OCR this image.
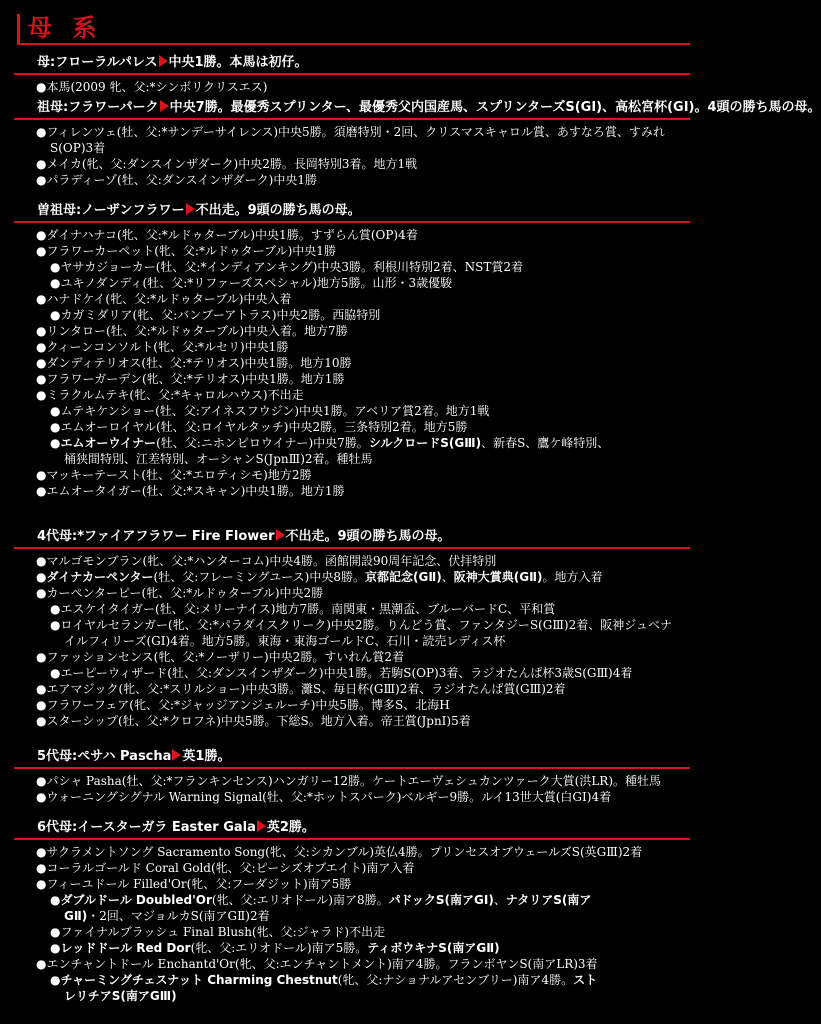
母 系
母:フローラルパレス 中央1勝。本馬は初仔。
●本馬(2009 牝、父:*シンボリクリスエス)
祖母:フラワーパーク 中央7勝。最優秀スプリンター、最優秀父内国産馬、スプリンターズS(GI)、高松宮杯(GI)。4頭の勝ち馬の母。
●フィレンツェ(牡、父:*サンデーサイレンス)中央5勝。須磨特別・2回、クリスマスキャロル賞、あすなろ賞、すみれ
S(OP)3着
●メイカ(牝、父:ダンスインザダーク)中央2勝。長岡特別3着。地方1戦
●パラディーゾ(牡、父:ダンスインザダーク)中央1勝
曽祖母:ノーザンフラワー 不出走。9頭の勝ち馬の母。
●ダイナハナコ(牝、父:*ルドゥターブル)中央1勝。すずらん賞(OP)4着
●フラワーカーペット(牝、父:*ルドゥターブル)中央1勝
●ヤサカジョーカー(牡、父:*インディアンキング)中央3勝。利根川特別2着、NST賞2着
●ユキノダンディ(牡、父:*リファーズスペシャル)地方5勝。山形・3歳優駿
●ハナドケイ(牝、父:*ルドゥターブル)中央入着
●カガミダリア(牝、父:バンブーアトラス)中央2勝。西脇特別
●リンタロー(牡、父:*ルドゥターブル)中央入着。地方7勝
●クィーンコンソルト(牝、父:*ルセリ)中央1勝
●ダンディテリオス(牡、父:*テリオス)中央1勝。地方10勝
●フラワーガーデン(牝、父:*テリオス)中央1勝。地方1勝
●ミラクルムテキ(牝、父:*キャロルハウス)不出走
●ムテキケンショー(牡、父:アイネスフウジン)中央1勝。アベリア賞2着。地方1戦
●エムオーロイヤル(牡、父:ロイヤルタッチ)中央2勝。三条特別2着。地方5勝
●エムオーウイナー(牡、父:ニホンピロウイナー)中央7勝。シルクロードS(GⅢ)、新春S、鷹ケ峰特別、
桶狭間特別、江差特別、オーシャンS(JpnⅢ)2着。種牡馬
●マッキーテースト(牡、父:*エロティシモ)地方2勝
●エムオータイガー(牡、父:*スキャン)中央1勝。地方1勝
4代母:*ファイアフラワー Fire Flower 不出走。9頭の勝ち馬の母。
●マルゴモンブラン(牝、父:*ハンターコム)中央4勝。函館開設90周年記念、伏拝特別
●ダイナカーペンター(牡、父:フレーミングユース)中央8勝。京都記念(GⅡ)、阪神大賞典(GⅡ)。地方入着
●カーペンターピー(牝、父:*ルドゥターブル)中央2勝
●エスケイタイガー(牡、父:メリーナイス)地方7勝。南関東・黒潮盃、ブルーバードC、平和賞
●ロイヤルセランガー(牝、父:*パラダイスクリーク)中央2勝。りんどう賞、ファンタジーS(GⅢ)2着、阪神ジュベナ
イルフィリーズ(GI)4着。地方5勝。東海・東海ゴールドC、石川・読売レディス杯
●ファッションセンス(牝、父:*ノーザリー)中央2勝。すいれん賞2着
●エーピーウィザード(牡、父:ダンスインザダーク)中央1勝。若駒S(OP)3着、ラジオたんぱ杯3歳S(GⅢ)4着
●エアマジック(牝、父:*スリルショー)中央3勝。灘S、毎日杯(GⅢ)2着、ラジオたんぱ賞(GⅢ)2着
●フラワーフェア(牝、父:*ジャッジアンジェルーチ)中央5勝。博多S、北海H
●スターシップ(牡、父:*クロフネ)中央5勝。下総S。地方入着。帝王賞(JpnI)5着
5代母:ペサハ Pascha 英1勝。
●パシャ Pasha(牡、父:*フランキンセンス)ハンガリー12勝。ケートエーヴェシュカンツァーク大賞(洪LR)。種牡馬
●ウォーニングシグナル Warning Signal(牡、父:*ホットスパーク)ベルギー9勝。ルイ13世大賞(白GI)4着
6代母:イースターガラ Easter Gala 英2勝。
●サクラメントソング Sacramento Song(牝、父:シカンブル)英仏4勝。プリンセスオブウェールズS(英GⅢ)2着
●コーラルゴールド Coral Gold(牝、父:ピーシズオブエイト)南ア入着
●フィーユドール Filled'Or(牝、父:フーダジット)南ア5勝
●ダブルドール Doubled'Or(牝、父:エリオドール)南ア8勝。パドックS(南アGI)、ナタリアS(南ア
GⅡ)・2回、マジョルカS(南アGⅡ)2着
●ファイナルブラッシュ Final Blush(牝、父:ジャラド)不出走
●レッドドール Red Dor(牝、父:エリオドール)南ア5勝。ティボウキナS(南アGⅡ)
●エンチャントドール Enchantd'Or(牝、父:エンチャントメント)南ア4勝。フランボヤンS(南アLR)3着
●チャーミングチェスナット Charming Chestnut(牝、父:ナショナルアセンブリー)南ア4勝。スト
レリチアS(南アGⅢ)
